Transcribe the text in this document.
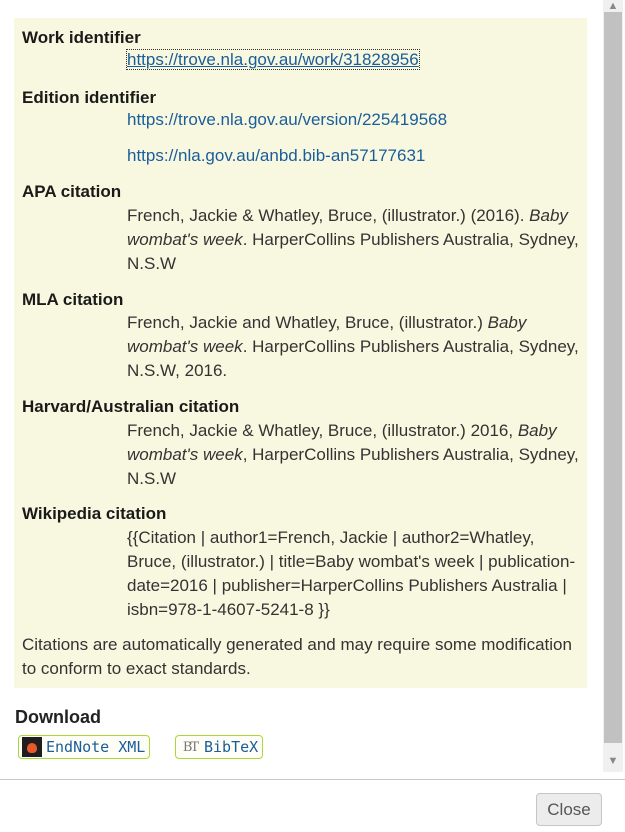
Work identifier
https://trove.nla.gov.au/work/31828956
Edition identifier
https://trove.nla.gov.au/version/225419568
https://nla.gov.au/anbd.bib-an57177631
APA citation
French, Jackie & Whatley, Bruce, (illustrator.) (2016). Baby wombat's week. HarperCollins Publishers Australia, Sydney, N.S.W
MLA citation
French, Jackie and Whatley, Bruce, (illustrator.) Baby wombat's week. HarperCollins Publishers Australia, Sydney, N.S.W, 2016.
Harvard/Australian citation
French, Jackie & Whatley, Bruce, (illustrator.) 2016, Baby wombat's week, HarperCollins Publishers Australia, Sydney, N.S.W
Wikipedia citation
{{Citation | author1=French, Jackie | author2=Whatley, Bruce, (illustrator.) | title=Baby wombat's week | publication-date=2016 | publisher=HarperCollins Publishers Australia | isbn=978-1-4607-5241-8 }}
Citations are automatically generated and may require some modification to conform to exact standards.
Download
EndNote XML	BT BibTeX
▲
▼
Close
